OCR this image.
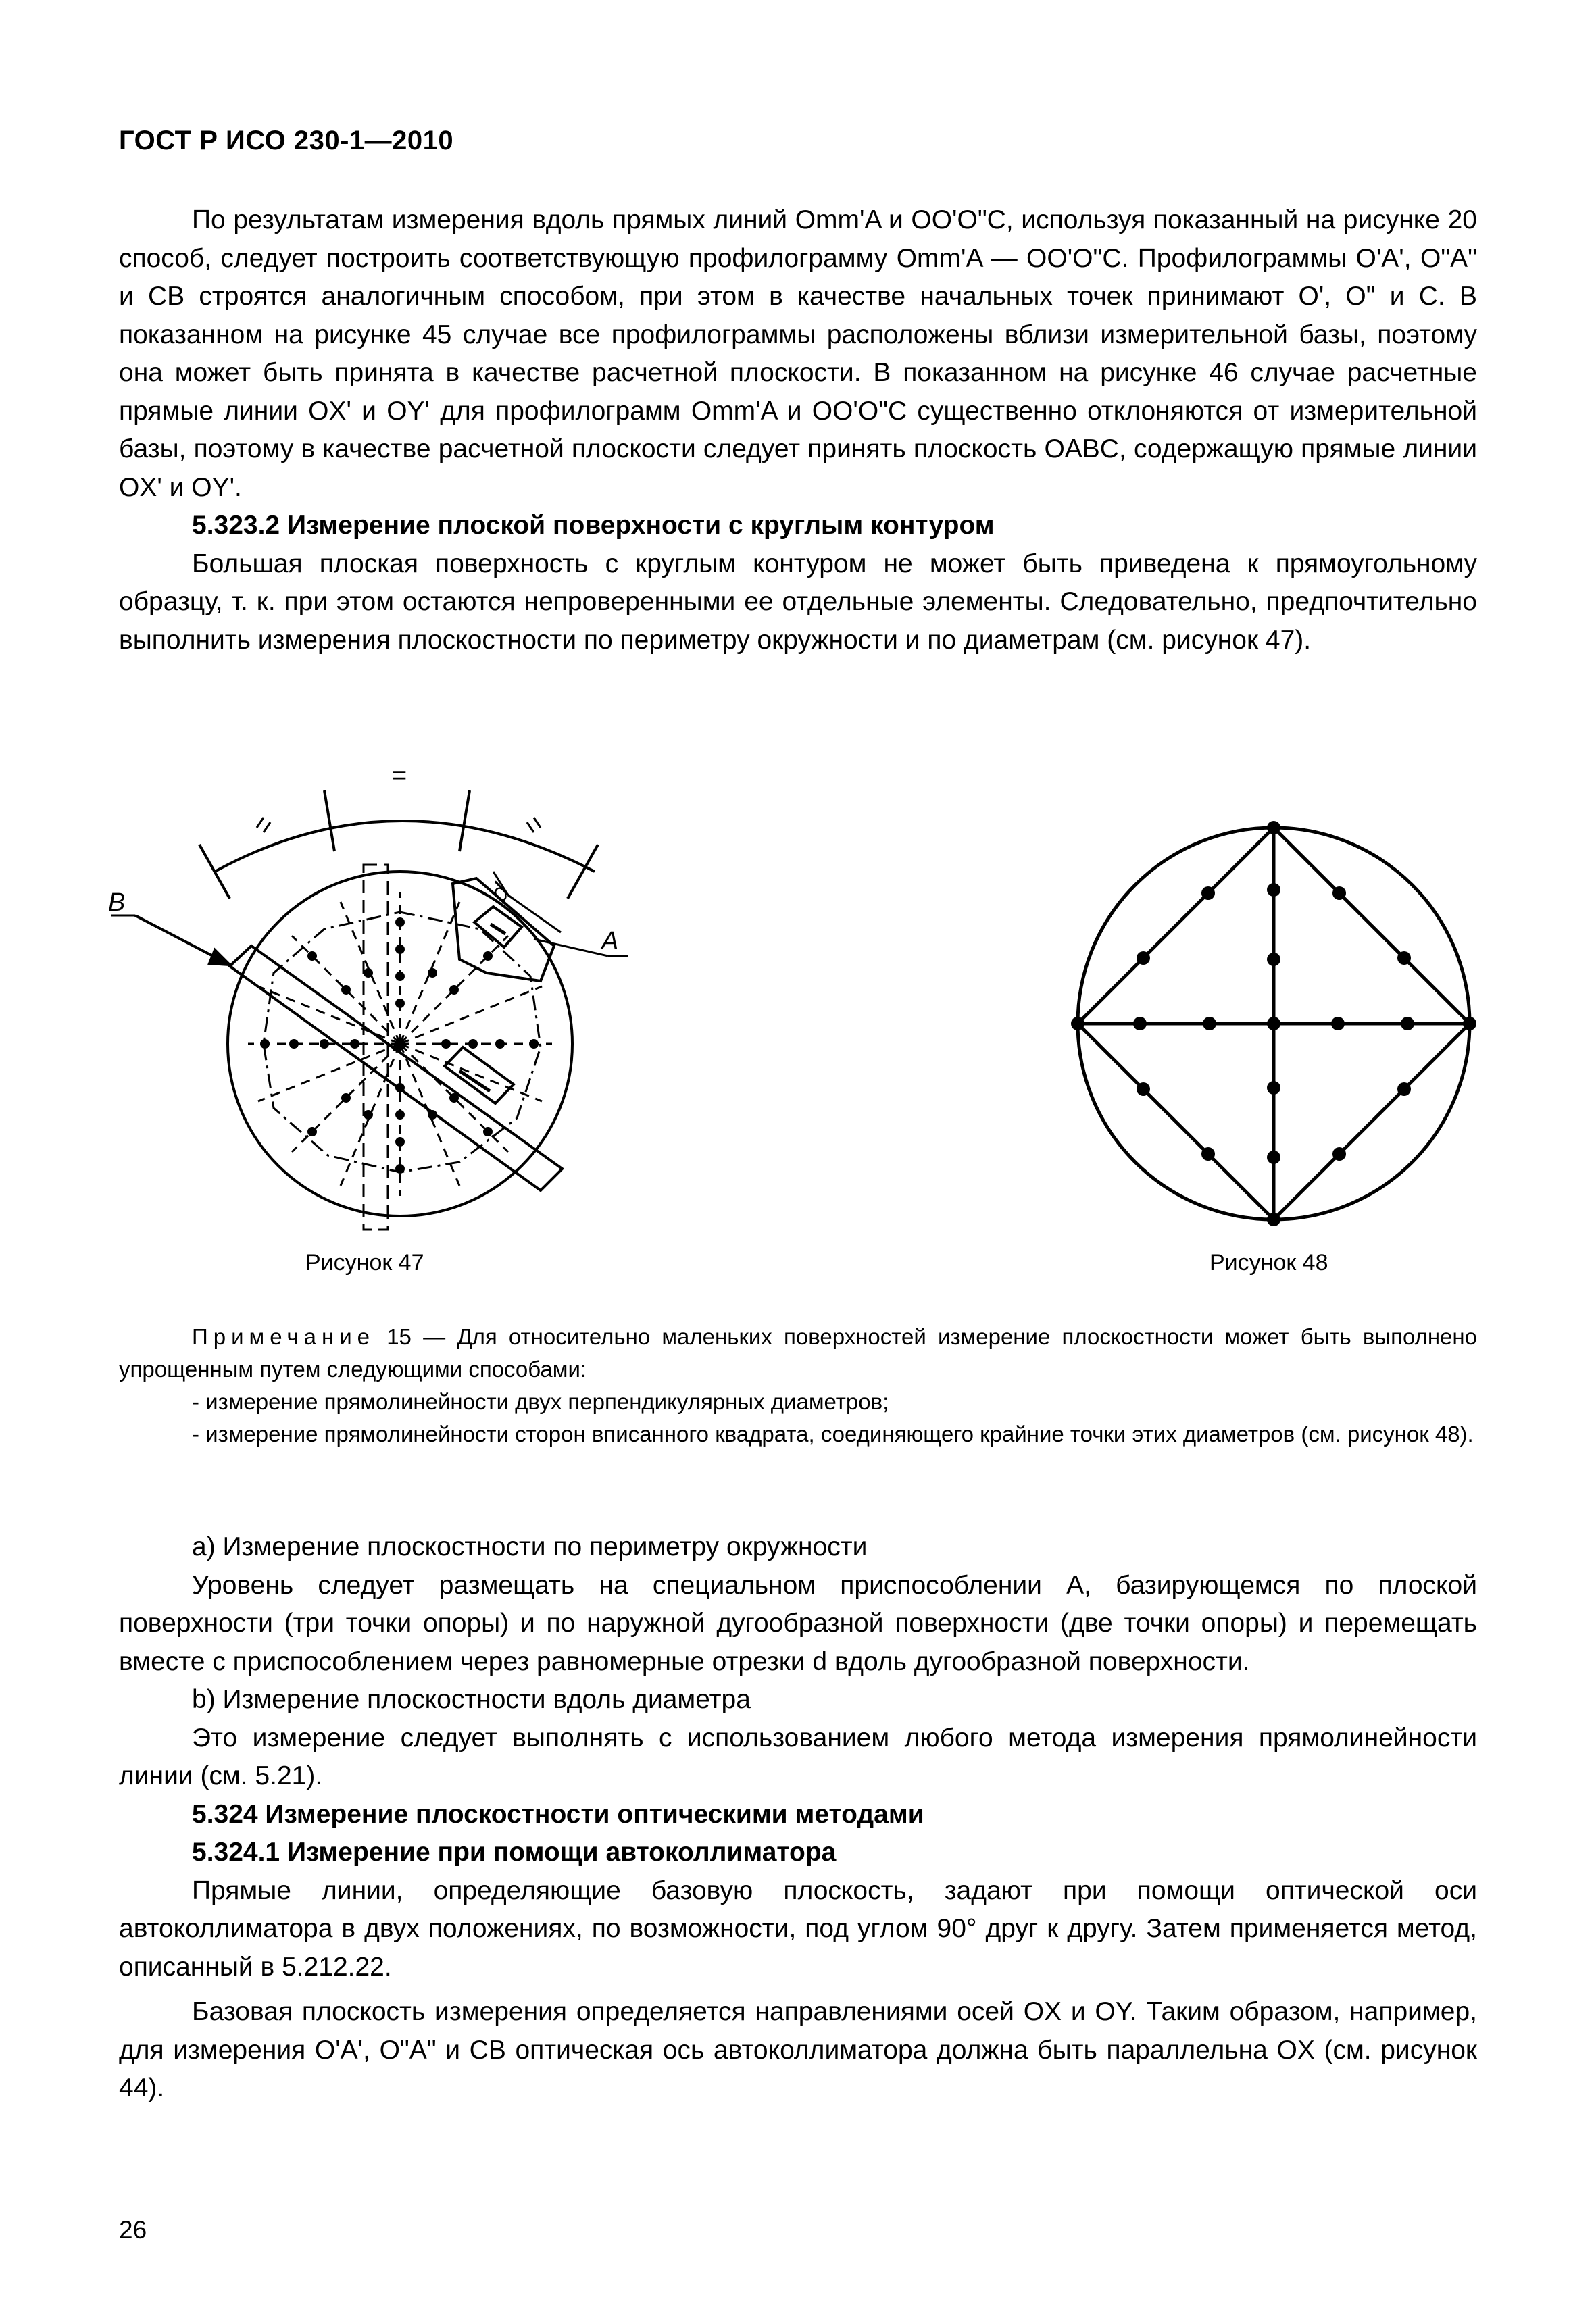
ГОСТ Р ИСО 230-1—2010

По результатам измерения вдоль прямых линий Omm'A и OO'O"C, используя показанный на рисунке 20 способ, следует построить соответствующую профилограмму Omm'A — OO'O"C. Профилограммы O'A', O"A" и CB строятся аналогичным способом, при этом в качестве начальных точек принимают O', O" и C. В показанном на рисунке 45 случае все профилограммы расположены вблизи измерительной базы, поэтому она может быть принята в качестве расчетной плоскости. В показанном на рисунке 46 случае расчетные прямые линии OX' и OY' для профилограмм Omm'A и OO'O"C существенно отклоняются от измерительной базы, поэтому в качестве расчетной плоскости следует принять плоскость OABC, содержащую прямые линии OX' и OY'.

5.323.2 Измерение плоской поверхности с круглым контуром

Большая плоская поверхность с круглым контуром не может быть приведена к прямоугольному образцу, т. к. при этом остаются непроверенными ее отдельные элементы. Следовательно, предпочтительно выполнить измерения плоскостности по периметру окружности и по диаметрам (см. рисунок 47).

B
A
d
=
Рисунок 47	Рисунок 48

Примечание 15 — Для относительно маленьких поверхностей измерение плоскостности может быть выполнено упрощенным путем следующими способами:

- измерение прямолинейности двух перпендикулярных диаметров;

- измерение прямолинейности сторон вписанного квадрата, соединяющего крайние точки этих диаметров (см. рисунок 48).

а) Измерение плоскостности по периметру окружности

Уровень следует размещать на специальном приспособлении A, базирующемся по плоской поверхности (три точки опоры) и по наружной дугообразной поверхности (две точки опоры) и перемещать вместе с приспособлением через равномерные отрезки d вдоль дугообразной поверхности.

b) Измерение плоскостности вдоль диаметра

Это измерение следует выполнять с использованием любого метода измерения прямолинейности линии (см. 5.21).

5.324 Измерение плоскостности оптическими методами

5.324.1 Измерение при помощи автоколлиматора

Прямые линии, определяющие базовую плоскость, задают при помощи оптической оси автоколлиматора в двух положениях, по возможности, под углом 90° друг к другу. Затем применяется метод, описанный в 5.212.22.

Базовая плоскость измерения определяется направлениями осей OX и OY. Таким образом, например, для измерения O'A', O"A" и CB оптическая ось автоколлиматора должна быть параллельна OX (см. рисунок 44).

26
